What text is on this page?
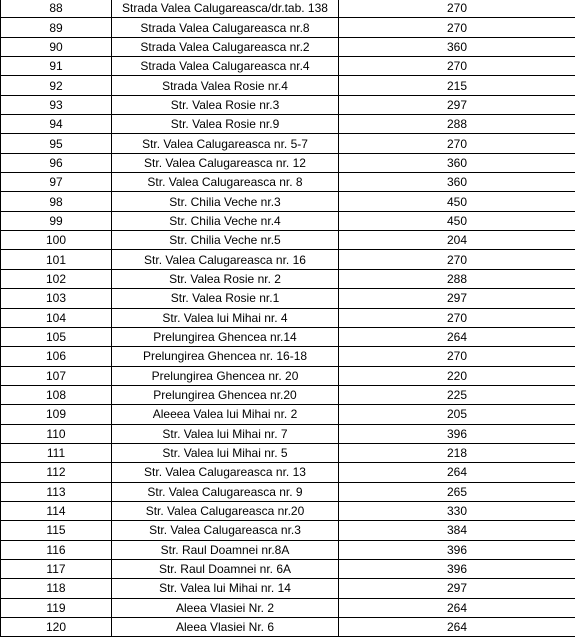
88	Strada Valea Calugareasca/dr.tab. 138	270
89	Strada Valea Calugareasca nr.8	270
90	Strada Valea Calugareasca nr.2	360
91	Strada Valea Calugareasca nr.4	270
92	Strada Valea Rosie nr.4	215
93	Str. Valea Rosie nr.3	297
94	Str. Valea Rosie nr.9	288
95	Str. Valea Calugareasca nr. 5-7	270
96	Str. Valea Calugareasca nr. 12	360
97	Str. Valea Calugareasca nr. 8	360
98	Str. Chilia Veche nr.3	450
99	Str. Chilia Veche nr.4	450
100	Str. Chilia Veche nr.5	204
101	Str. Valea Calugareasca nr. 16	270
102	Str. Valea Rosie nr. 2	288
103	Str. Valea Rosie nr.1	297
104	Str. Valea lui Mihai nr. 4	270
105	Prelungirea Ghencea nr.14	264
106	Prelungirea Ghencea nr. 16-18	270
107	Prelungirea Ghencea nr. 20	220
108	Prelungirea Ghencea nr.20	225
109	Aleeea Valea lui Mihai nr. 2	205
110	Str. Valea lui Mihai nr. 7	396
111	Str. Valea lui Mihai nr. 5	218
112	Str. Valea Calugareasca nr. 13	264
113	Str. Valea Calugareasca nr. 9	265
114	Str. Valea Calugareasca nr.20	330
115	Str. Valea Calugareasca nr.3	384
116	Str. Raul Doamnei nr.8A	396
117	Str. Raul Doamnei nr. 6A	396
118	Str. Valea lui Mihai nr. 14	297
119	Aleea Vlasiei Nr. 2	264
120	Aleea Vlasiei Nr. 6	264
